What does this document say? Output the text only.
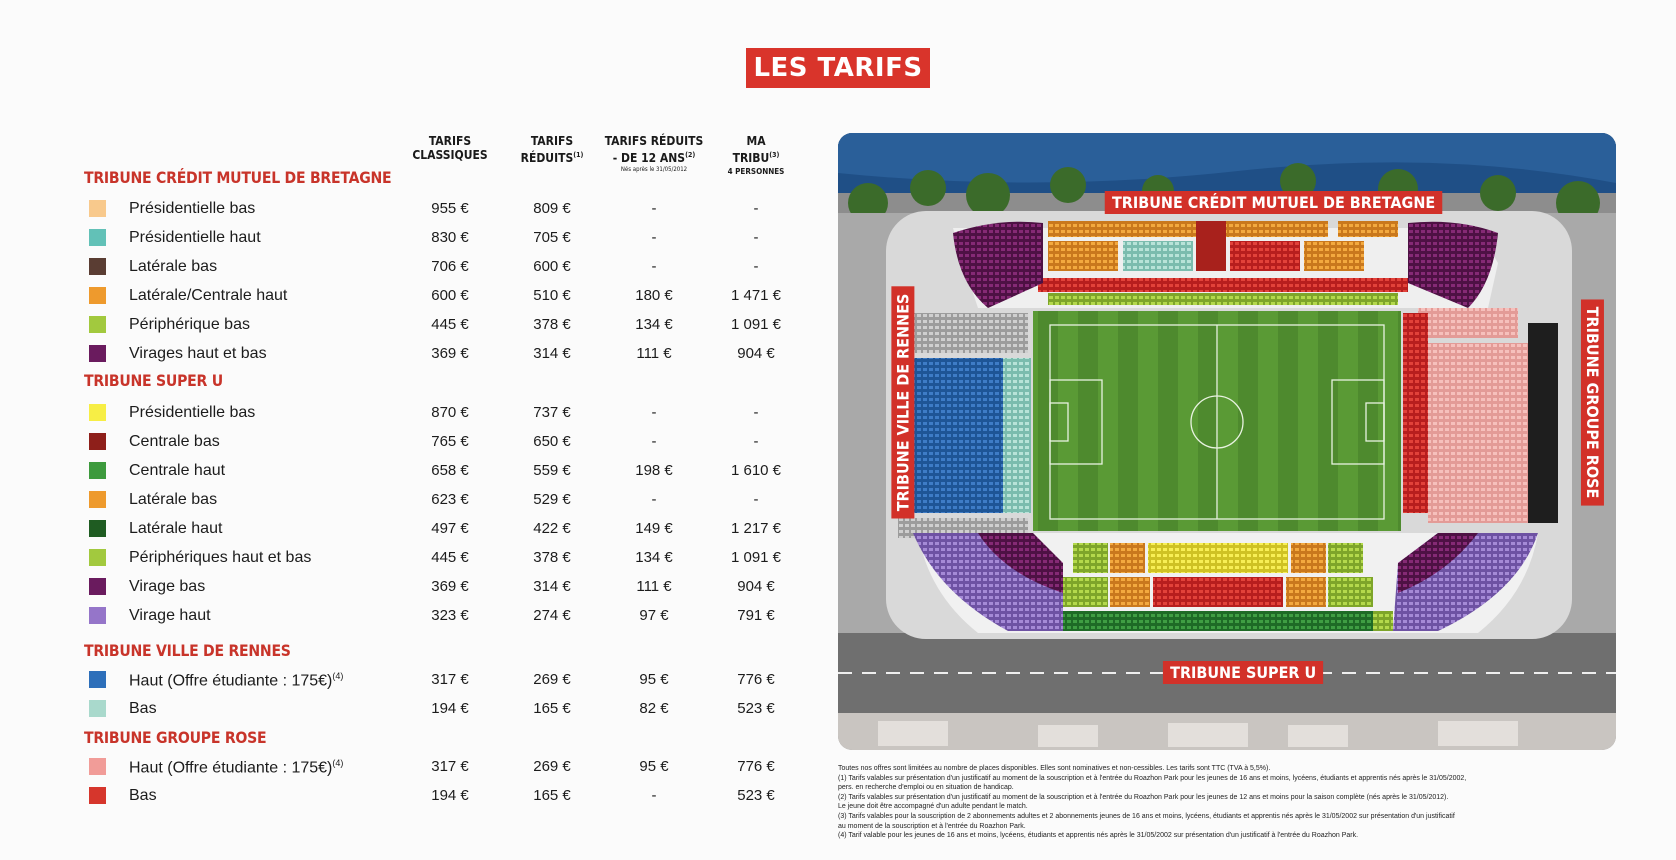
LES TARIFS
TARIFS
CLASSIQUES
TARIFS
RÉDUITS$^{(1)}$
TARIFS RÉDUITS
- DE 12 ANS$^{(2)}$
Nés après le 31/05/2012
MA
TRIBU$^{(3)}$
4 PERSONNES
TRIBUNE CRÉDIT MUTUEL DE BRETAGNE
Présidentielle bas	955 €	809 €	-	-
Présidentielle haut	830 €	705 €	-	-
Latérale bas	706 €	600 €	-	-
Latérale/Centrale haut	600 €	510 €	180 €	1 471 €
Périphérique bas	445 €	378 €	134 €	1 091 €
Virages haut et bas	369 €	314 €	111 €	904 €
TRIBUNE SUPER U
Présidentielle bas	870 €	737 €	-	-
Centrale bas	765 €	650 €	-	-
Centrale haut	658 €	559 €	198 €	1 610 €
Latérale bas	623 €	529 €	-	-
Latérale haut	497 €	422 €	149 €	1 217 €
Périphériques haut et bas	445 €	378 €	134 €	1 091 €
Virage bas	369 €	314 €	111 €	904 €
Virage haut	323 €	274 €	97 €	791 €
TRIBUNE VILLE DE RENNES
Haut (Offre étudiante : 175€)$^{(4)}$	317 €	269 €	95 €	776 €
Bas	194 €	165 €	82 €	523 €
TRIBUNE GROUPE ROSE
Haut (Offre étudiante : 175€)$^{(4)}$	317 €	269 €	95 €	776 €
Bas	194 €	165 €	-	523 €
TRIBUNE CRÉDIT MUTUEL DE BRETAGNE
TRIBUNE SUPER U
TRIBUNE VILLE DE RENNES	TRIBUNE GROUPE ROSE
Toutes nos offres sont limitées au nombre de places disponibles. Elles sont nominatives et non-cessibles. Les tarifs sont TTC (TVA à 5,5%).
(1) Tarifs valables sur présentation d'un justificatif au moment de la souscription et à l'entrée du Roazhon Park pour les jeunes de 16 ans et moins, lycéens, étudiants et apprentis nés après le 31/05/2002,
pers. en recherche d'emploi ou en situation de handicap.
(2) Tarifs valables sur présentation d'un justificatif au moment de la souscription et à l'entrée du Roazhon Park pour les jeunes de 12 ans et moins pour la saison complète (nés après le 31/05/2012).
Le jeune doit être accompagné d'un adulte pendant le match.
(3) Tarifs valables pour la souscription de 2 abonnements adultes et 2 abonnements jeunes de 16 ans et moins, lycéens, étudiants et apprentis nés après le 31/05/2002 sur présentation d'un justificatif
au moment de la souscription et à l'entrée du Roazhon Park.
(4) Tarif valable pour les jeunes de 16 ans et moins, lycéens, étudiants et apprentis nés après le 31/05/2002 sur présentation d'un justificatif à l'entrée du Roazhon Park.
